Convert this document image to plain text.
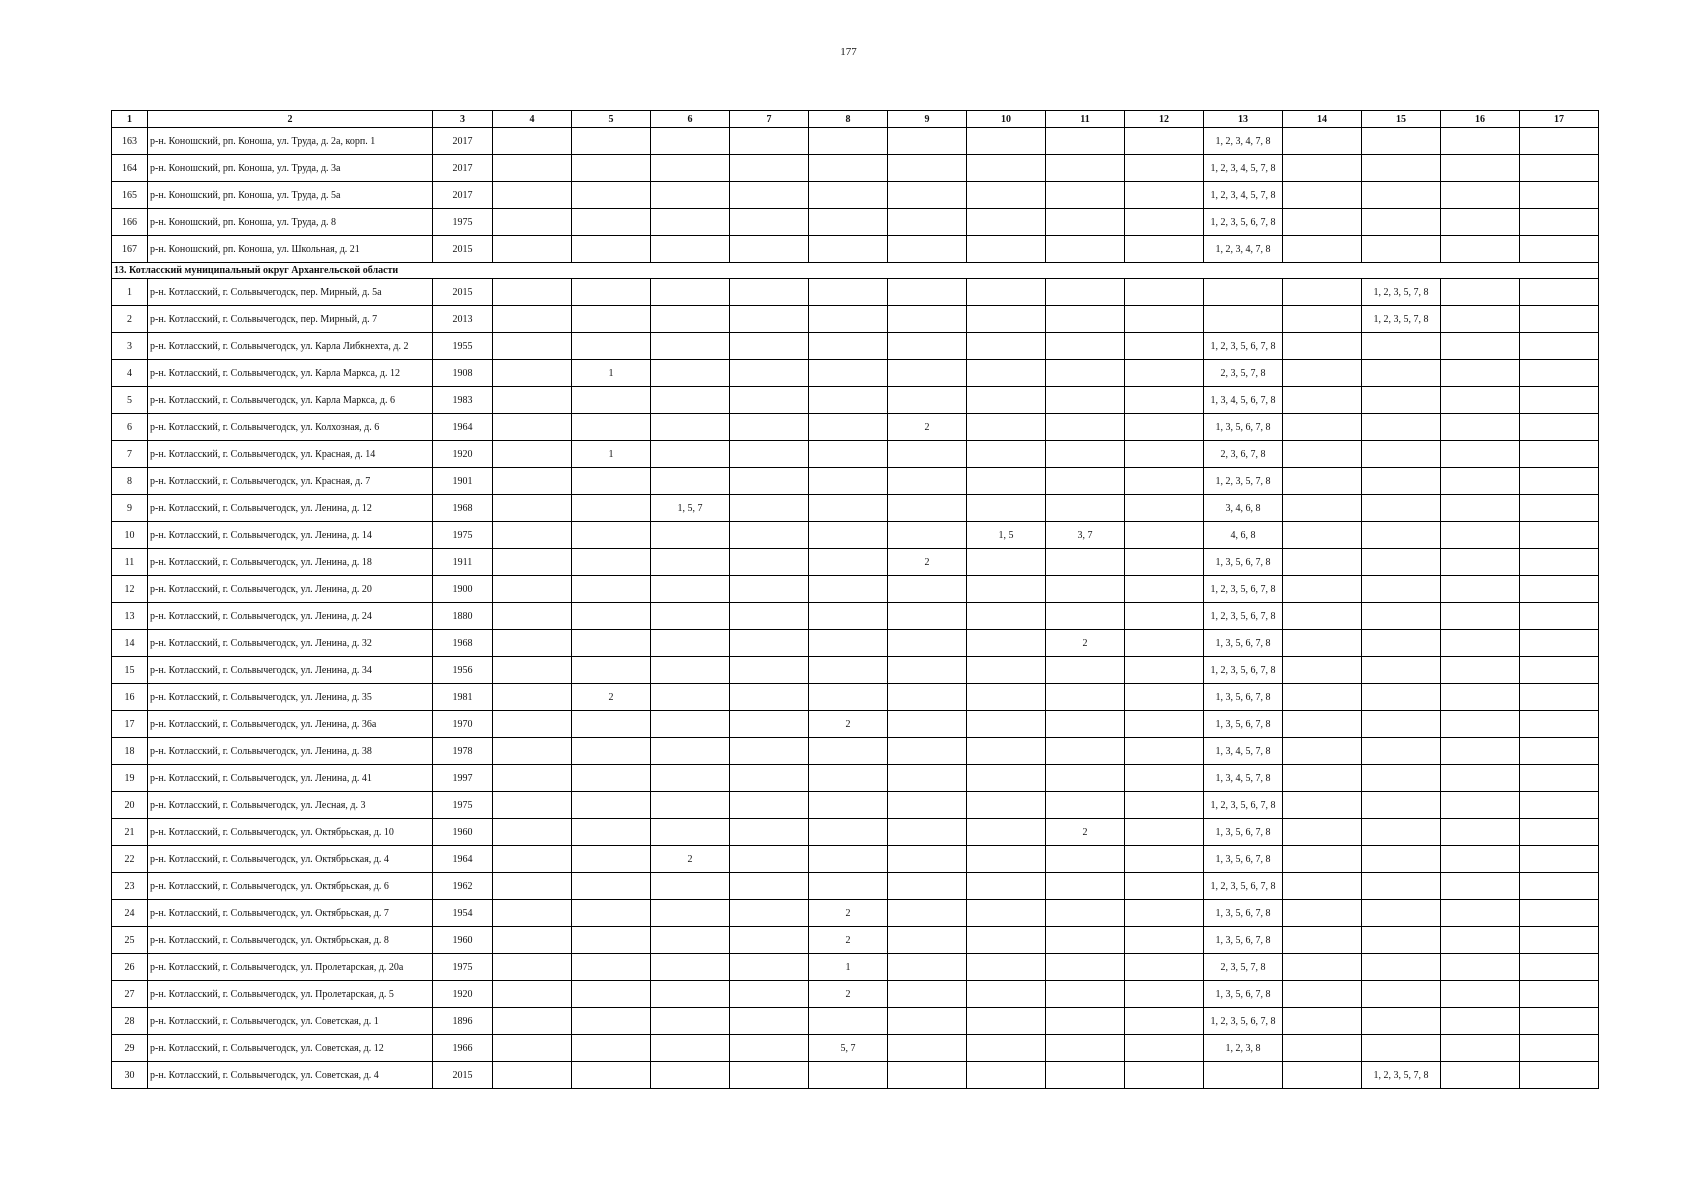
177
1	2	3	4	5	6	7	8	9	10	11	12	13	14	15	16	17
163	р-н. Коношский, рп. Коноша, ул. Труда, д. 2а, корп. 1	2017										1, 2, 3, 4, 7, 8				
164	р-н. Коношский, рп. Коноша, ул. Труда, д. 3а	2017										1, 2, 3, 4, 5, 7, 8				
165	р-н. Коношский, рп. Коноша, ул. Труда, д. 5а	2017										1, 2, 3, 4, 5, 7, 8				
166	р-н. Коношский, рп. Коноша, ул. Труда, д. 8	1975										1, 2, 3, 5, 6, 7, 8				
167	р-н. Коношский, рп. Коноша, ул. Школьная, д. 21	2015										1, 2, 3, 4, 7, 8				
13. Котласский муниципальный округ Архангельской области																
1	р-н. Котласский, г. Сольвычегодск, пер. Мирный, д. 5а	2015												1, 2, 3, 5, 7, 8		
2	р-н. Котласский, г. Сольвычегодск, пер. Мирный, д. 7	2013												1, 2, 3, 5, 7, 8		
3	р-н. Котласский, г. Сольвычегодск, ул. Карла Либкнехта, д. 2	1955										1, 2, 3, 5, 6, 7, 8				
4	р-н. Котласский, г. Сольвычегодск, ул. Карла Маркса, д. 12	1908		1								2, 3, 5, 7, 8				
5	р-н. Котласский, г. Сольвычегодск, ул. Карла Маркса, д. 6	1983										1, 3, 4, 5, 6, 7, 8				
6	р-н. Котласский, г. Сольвычегодск, ул. Колхозная, д. 6	1964						2				1, 3, 5, 6, 7, 8				
7	р-н. Котласский, г. Сольвычегодск, ул. Красная, д. 14	1920		1								2, 3, 6, 7, 8				
8	р-н. Котласский, г. Сольвычегодск, ул. Красная, д. 7	1901										1, 2, 3, 5, 7, 8				
9	р-н. Котласский, г. Сольвычегодск, ул. Ленина, д. 12	1968			1, 5, 7							3, 4, 6, 8				
10	р-н. Котласский, г. Сольвычегодск, ул. Ленина, д. 14	1975							1, 5	3, 7		4, 6, 8				
11	р-н. Котласский, г. Сольвычегодск, ул. Ленина, д. 18	1911						2				1, 3, 5, 6, 7, 8				
12	р-н. Котласский, г. Сольвычегодск, ул. Ленина, д. 20	1900										1, 2, 3, 5, 6, 7, 8				
13	р-н. Котласский, г. Сольвычегодск, ул. Ленина, д. 24	1880										1, 2, 3, 5, 6, 7, 8				
14	р-н. Котласский, г. Сольвычегодск, ул. Ленина, д. 32	1968								2		1, 3, 5, 6, 7, 8				
15	р-н. Котласский, г. Сольвычегодск, ул. Ленина, д. 34	1956										1, 2, 3, 5, 6, 7, 8				
16	р-н. Котласский, г. Сольвычегодск, ул. Ленина, д. 35	1981		2								1, 3, 5, 6, 7, 8				
17	р-н. Котласский, г. Сольвычегодск, ул. Ленина, д. 36а	1970					2					1, 3, 5, 6, 7, 8				
18	р-н. Котласский, г. Сольвычегодск, ул. Ленина, д. 38	1978										1, 3, 4, 5, 7, 8				
19	р-н. Котласский, г. Сольвычегодск, ул. Ленина, д. 41	1997										1, 3, 4, 5, 7, 8				
20	р-н. Котласский, г. Сольвычегодск, ул. Лесная, д. 3	1975										1, 2, 3, 5, 6, 7, 8				
21	р-н. Котласский, г. Сольвычегодск, ул. Октябрьская, д. 10	1960								2		1, 3, 5, 6, 7, 8				
22	р-н. Котласский, г. Сольвычегодск, ул. Октябрьская, д. 4	1964			2							1, 3, 5, 6, 7, 8				
23	р-н. Котласский, г. Сольвычегодск, ул. Октябрьская, д. 6	1962										1, 2, 3, 5, 6, 7, 8				
24	р-н. Котласский, г. Сольвычегодск, ул. Октябрьская, д. 7	1954					2					1, 3, 5, 6, 7, 8				
25	р-н. Котласский, г. Сольвычегодск, ул. Октябрьская, д. 8	1960					2					1, 3, 5, 6, 7, 8				
26	р-н. Котласский, г. Сольвычегодск, ул. Пролетарская, д. 20а	1975					1					2, 3, 5, 7, 8				
27	р-н. Котласский, г. Сольвычегодск, ул. Пролетарская, д. 5	1920					2					1, 3, 5, 6, 7, 8				
28	р-н. Котласский, г. Сольвычегодск, ул. Советская, д. 1	1896										1, 2, 3, 5, 6, 7, 8				
29	р-н. Котласский, г. Сольвычегодск, ул. Советская, д. 12	1966					5, 7					1, 2, 3, 8				
30	р-н. Котласский, г. Сольвычегодск, ул. Советская, д. 4	2015												1, 2, 3, 5, 7, 8		
